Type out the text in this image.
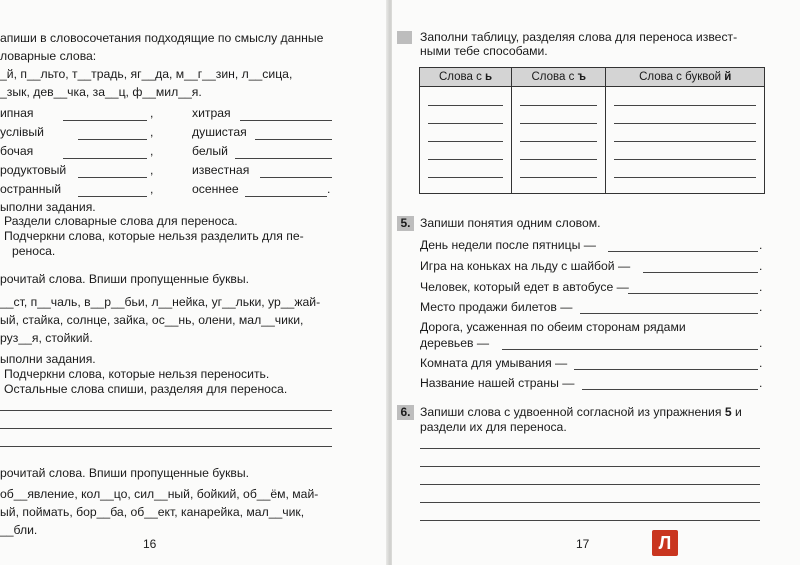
апиши в словосочетания подходящие по смыслу данные
ловарные слова:
_й, п__льто, т__традь, яг__да, м__г__зин, л__сица,
_зык, дев__чка, за__ц, ф__мил__я.
ипная	,	хитрая
услівый	,	душистая
бочая	,	белый
родуктовый	,	известная
остранный	,	осеннее	.
ыполни задания.
Раздели словарные слова для переноса.
Подчеркни слова, которые нельзя разделить для пе-
реноса.
рочитай слова. Впиши пропущенные буквы.
__ст, п__чаль, в__р__бьи, л__нейка, уг__льки, ур__жай-
ый, стайка, солнце, зайка, ос__нь, олени, мал__чики,
руз__я, стойкий.
ыполни задания.
Подчеркни слова, которые нельзя переносить.
Остальные слова спиши, разделяя для переноса.
рочитай слова. Впиши пропущенные буквы.
об__явление, кол__цо, сил__ный, бойкий, об__ём, май-
ый, поймать, бор__ба, об__ект, канарейка, мал__чик,
__бли.
16
Заполни таблицу, разделяя слова для переноса извест-
ными тебе способами.
Слова с ь	Слова с ъ	Слова с буквой й

5. Запиши понятия одним словом.
День недели после пятницы —	.
Игра на коньках на льду с шайбой —	.
Человек, который едет в автобусе —	.
Место продажи билетов —	.
Дорога, усаженная по обеим сторонам рядами
деревьев —	.
Комната для умывания —	.
Название нашей страны —	.
6. Запиши слова с удвоенной согласной из упражнения 5 и
раздели их для переноса.
17	Л
